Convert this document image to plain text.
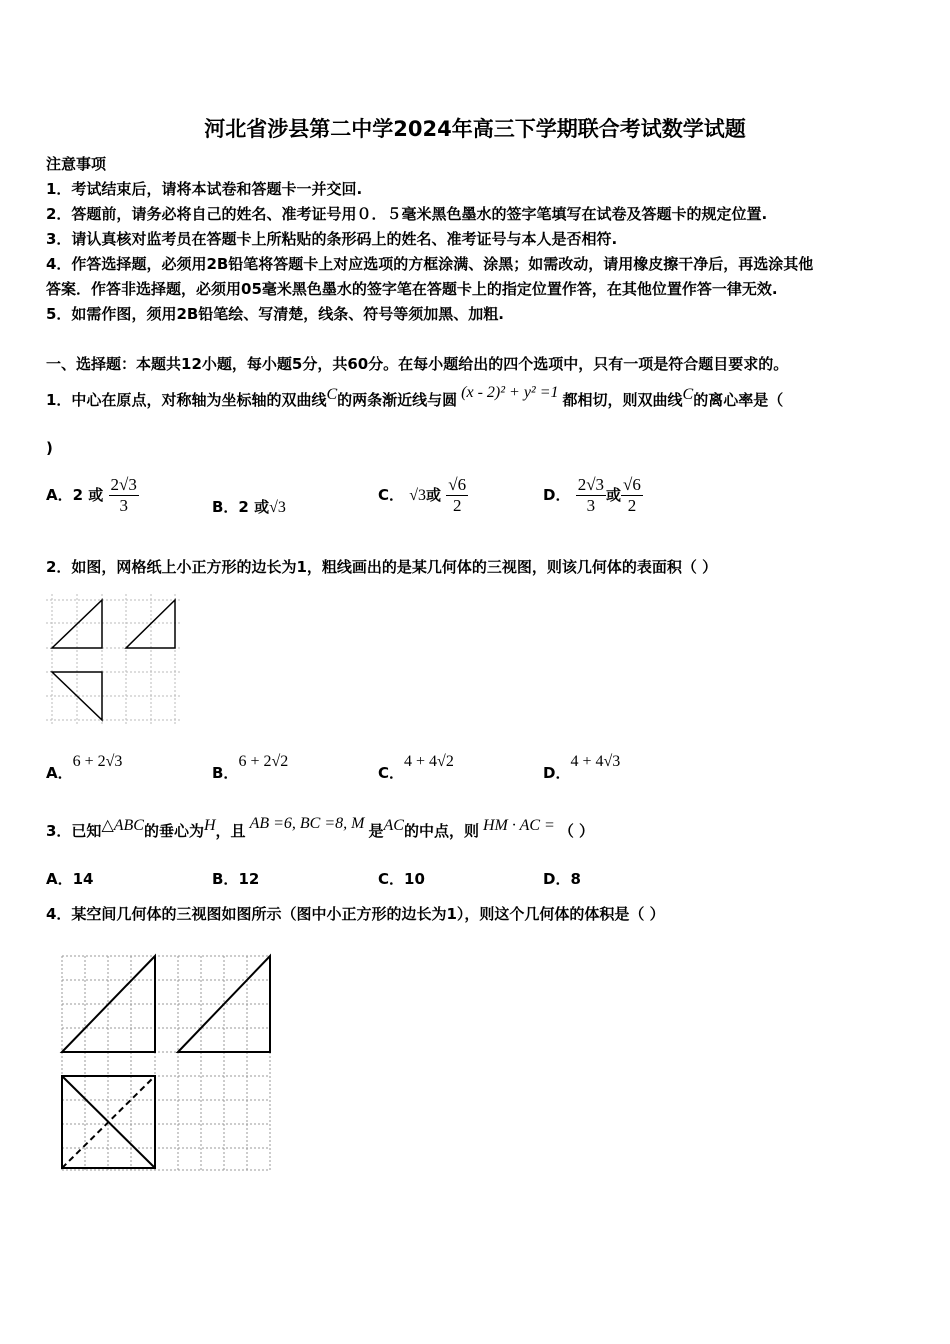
河北省涉县第二中学2024年高三下学期联合考试数学试题
注意事项
1．考试结束后，请将本试卷和答题卡一并交回.
2．答题前，请务必将自己的姓名、准考证号用０．５毫米黑色墨水的签字笔填写在试卷及答题卡的规定位置.
3．请认真核对监考员在答题卡上所粘贴的条形码上的姓名、准考证号与本人是否相符.
4．作答选择题，必须用2B铅笔将答题卡上对应选项的方框涂满、涂黑；如需改动，请用橡皮擦干净后，再选涂其他
答案．作答非选择题，必须用05毫米黑色墨水的签字笔在答题卡上的指定位置作答，在其他位置作答一律无效.
5．如需作图，须用2B铅笔绘、写清楚，线条、符号等须加黑、加粗.
一、选择题：本题共12小题，每小题5分，共60分。在每小题给出的四个选项中，只有一项是符合题目要求的。
1．中心在原点，对称轴为坐标轴的双曲线C的两条渐近线与圆 (x - 2)² + y² =1 都相切，则双曲线C的离心率是（
)
A．2 或 $\frac{2√3}{3}$	B．2 或√3
C． √3或 $\frac{√6}{2}$	D． $\frac{2√3}{3}$ 或 $\frac{√6}{2}$
2．如图，网格纸上小正方形的边长为1，粗线画出的是某几何体的三视图，则该几何体的表面积（ ）
A．6 + 2√3
B．6 + 2√2
C．4 + 4√2
D．4 + 4√3
3．已知△ABC的垂心为H，且 AB =6, BC =8, M 是AC的中点，则 HM · AC = （ ）
A．14	B．12	C．10	D．8
4．某空间几何体的三视图如图所示（图中小正方形的边长为1），则这个几何体的体积是（ ）
